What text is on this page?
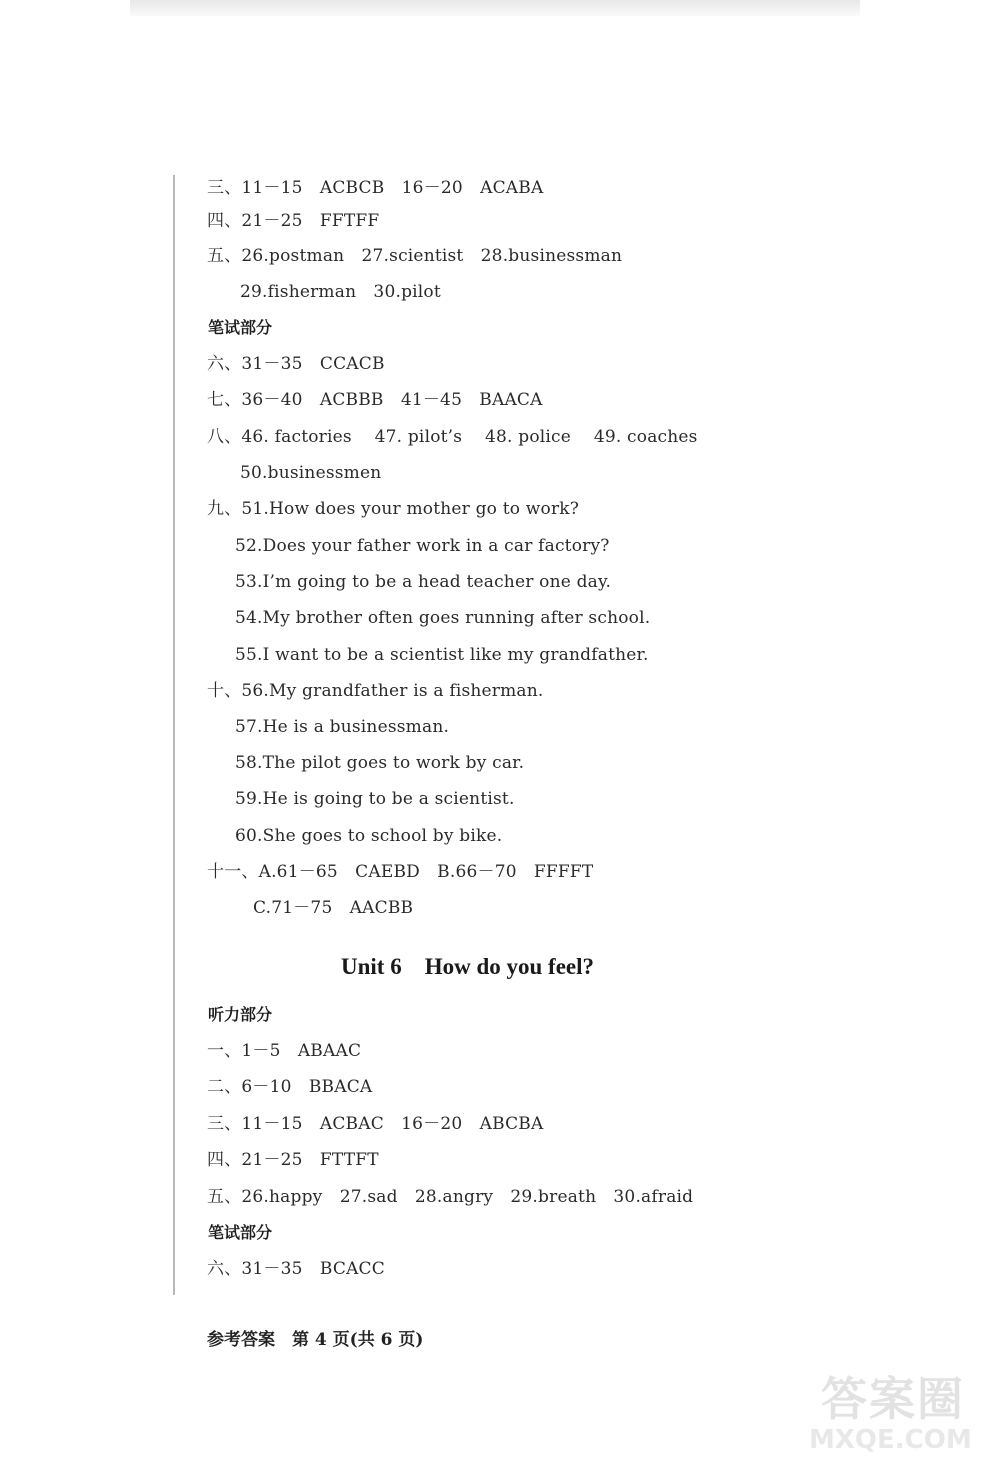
三、11－15　ACBCB　16－20　ACABA
四、21－25　FFTFF
五、26.postman　27.scientist　28.businessman
29.fisherman　30.pilot
笔试部分
六、31－35　CCACB
七、36－40　ACBBB　41－45　BAACA
八、46. factories　 47. pilot’s　 48. police　 49. coaches
50.businessmen
九、51.How does your mother go to work?
52.Does your father work in a car factory?
53.I’m going to be a head teacher one day.
54.My brother often goes running after school.
55.I want to be a scientist like my grandfather.
十、56.My grandfather is a fisherman.
57.He is a businessman.
58.The pilot goes to work by car.
59.He is going to be a scientist.
60.She goes to school by bike.
十一、A.61－65　CAEBD　B.66－70　FFFFT
C.71－75　AACBB
Unit 6　How do you feel?
听力部分
一、1－5　ABAAC
二、6－10　BBACA
三、11－15　ACBAC　16－20　ABCBA
四、21－25　FTTFT
五、26.happy　27.sad　28.angry　29.breath　30.afraid
笔试部分
六、31－35　BCACC
参考答案　第 4 页(共 6 页)
答案圈
MXQE.COM
